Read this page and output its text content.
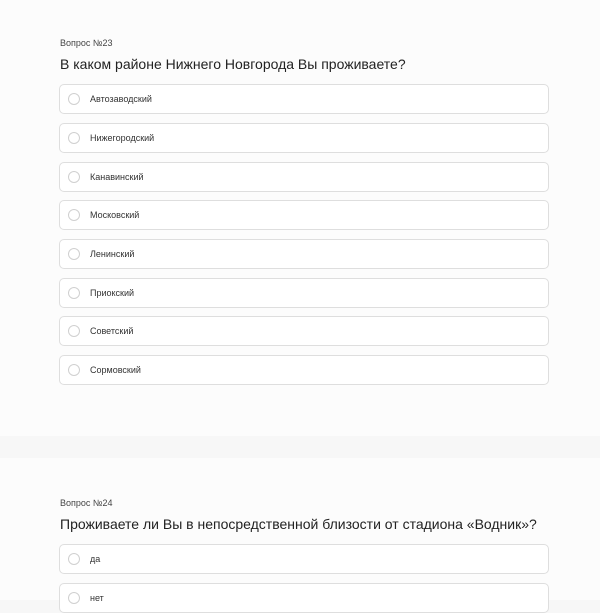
Вопрос №23
В каком районе Нижнего Новгорода Вы проживаете?
Автозаводский
Нижегородский
Канавинский
Московский
Ленинский
Приокский
Советский
Сормовский
Вопрос №24
Проживаете ли Вы в непосредственной близости от стадиона «Водник»?
да
нет
